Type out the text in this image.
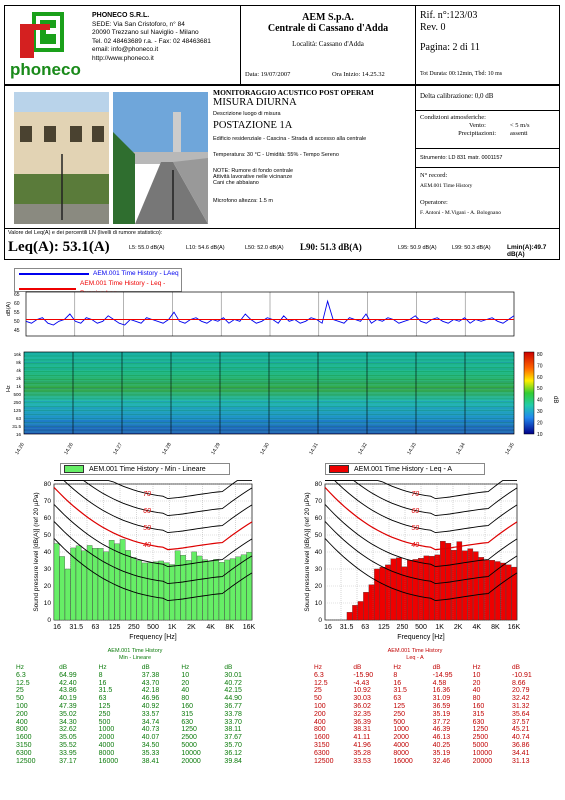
phoneco
PHONECO S.R.L.
SEDE: Via San Cristoforo, n° 84
20090 Trezzano sul Naviglio - Milano
Tel. 02 48463689 r.a. - Fax: 02 48463681
email: info@phoneco.it
http://www.phoneco.it
AEM S.p.A.
Centrale di Cassano d'Adda
Località: Cassano d'Adda
Data: 19/07/2007	Ora Inizio: 14.25.32
Rif. n°:123/03
Rev. 0
Pagina: 2 di 11
Tot Durata: 00:12min, Tbd: 10 ms
MONITORAGGIO ACUSTICO POST OPERAM
MISURA DIURNA
Descrizione luogo di misura
POSTAZIONE 1A
Edificio residenziale - Cascina - Strada di accesso alla centrale
Temperatura: 30 °C - Umidità: 55% - Tempo Sereno
NOTE: Rumore di fondo centrale
Attività lavorative nelle vicinanze
Cani che abbaiano
Microfono altezza: 1.5 m
Delta calibrazione: 0,0 dB
Condizioni atmosferiche:
Vento:	< 5 m/s
Precipitazioni: assenti
Strumento: LD 831 matr. 0001157
N° record:
AEM.001 Time History
Operatore:
F. Antoni - M.Vigani - A. Bolognano
Valore del Leq(A) e dei percentili LN (livelli di rumore statistico):
Leq(A): 53.1(A)	L5: 55.0 dB(A)	L10: 54.6 dB(A)	L50: 52.0 dB(A) L90: 51.3 dB(A)	L95: 50.9 dB(A)	L99: 50.3 dB(A)	Lmin(A):49.7 dB(A)
AEM.001 Time History - LAeq
AEM.001 Time History - Leq -
dB(A)
65
60
55
50
45
Hz
16k
8k
4k
2k
1k
500
250
125
63
31.5
16
14.26	14.26	14.27	14.28	14.29	14.30	14.31	14.32	14.33	14.34	14.35
80
70
60
50
40
30
20
10
dB
AEM.001 Time History - Min - Lineare
80
70
60
50
40
30
20
10
0
Sound pressure level [dB(A)] (ref 20 µPa)	70
60
50
40
16 31.5 63 125 250 500 1K 2K 4K 8K 16K
Frequency [Hz]
AEM.001 Time History - Leq - A
80
70
60
50
40
30
20
10
0
Sound pressure level [dB(A)] (ref 20 µPa)	70
60
50
40
16 31.5 63 125 250 500 1K 2K 4K 8K 16K
Frequency [Hz]
AEM.001 Time History
Min - Lineare
Hz	dB	Hz	dB	Hz	dB
6.3	64.99	8	37.38	10	30.01
12.5	42.40	16	43.70	20	40.72
25	43.86	31.5	42.18	40	42.15
50	40.19	63	46.96	80	44.90
100	47.39	125	40.92	160	36.77
200	35.02	250	33.57	315	33.78
400	34.30	500	34.74	630	33.70
800	32.62	1000	40.73	1250	38.11
1600	35.05	2000	40.07	2500	37.67
3150	35.52	4000	34.50	5000	35.70
6300	33.95	8000	35.33	10000	36.12
12500	37.17	16000	38.41	20000	39.84
AEM.001 Time History
Leq - A
Hz	dB	Hz	dB	Hz	dB
6.3	-15.90	8	-14.95	10	-10.91
12.5	-4.43	16	4.58	20	8.66
25	10.92	31.5	16.36	40	20.79
50	30.03	63	31.09	80	32.42
100	36.02	125	36.59	160	31.32
200	32.35	250	35.19	315	35.64
400	36.39	500	37.72	630	37.57
800	38.31	1000	46.39	1250	45.21
1600	41.11	2000	46.13	2500	40.74
3150	41.96	4000	40.25	5000	36.86
6300	35.28	8000	35.19	10000	34.41
12500	33.53	16000	32.46	20000	31.13
